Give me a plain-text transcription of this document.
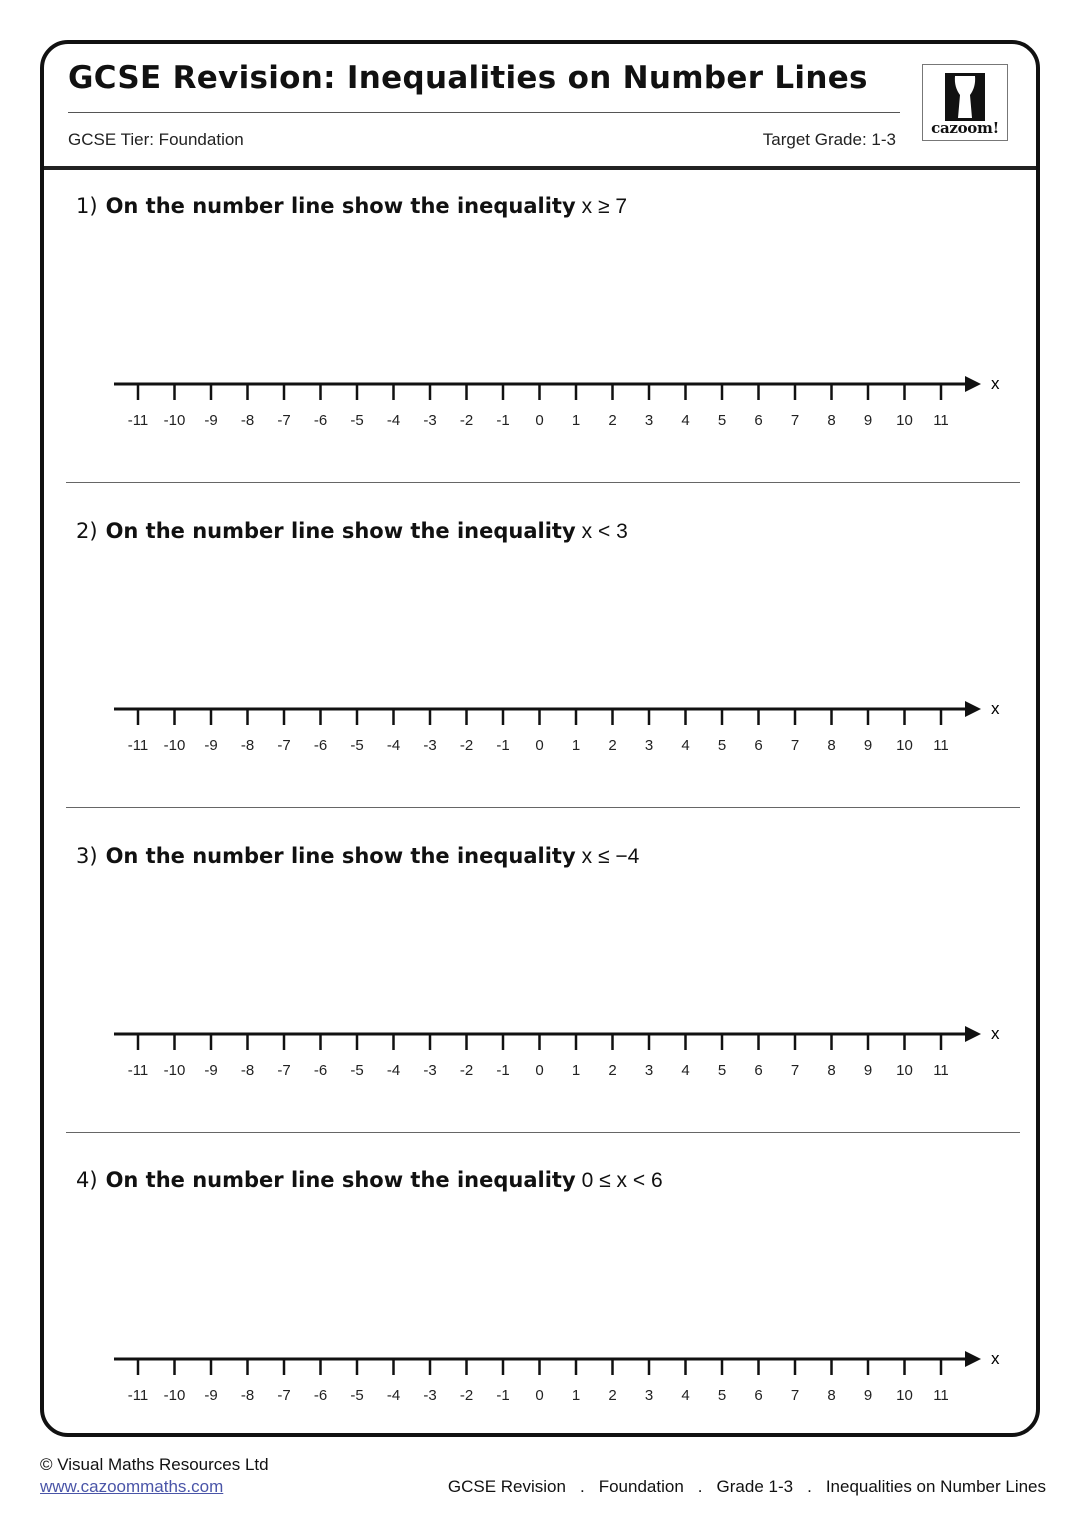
GCSE Revision: Inequalities on Number Lines
GCSE Tier: Foundation	Target Grade: 1-3
cazoom!
1) On the number line show the inequality x ≥ 7
x
-11 -10 -9 -8 -7 -6 -5 -4 -3 -2 -1 0 1 2 3 4 5 6 7 8 9 10 11
2) On the number line show the inequality x < 3
x
-11 -10 -9 -8 -7 -6 -5 -4 -3 -2 -1 0 1 2 3 4 5 6 7 8 9 10 11
3) On the number line show the inequality x ≤ −4
x
-11 -10 -9 -8 -7 -6 -5 -4 -3 -2 -1 0 1 2 3 4 5 6 7 8 9 10 11
4) On the number line show the inequality 0 ≤ x < 6
x
-11 -10 -9 -8 -7 -6 -5 -4 -3 -2 -1 0 1 2 3 4 5 6 7 8 9 10 11
© Visual Maths Resources Ltd
www.cazoommaths.com	GCSE Revision . Foundation . Grade 1-3 . Inequalities on Number Lines
